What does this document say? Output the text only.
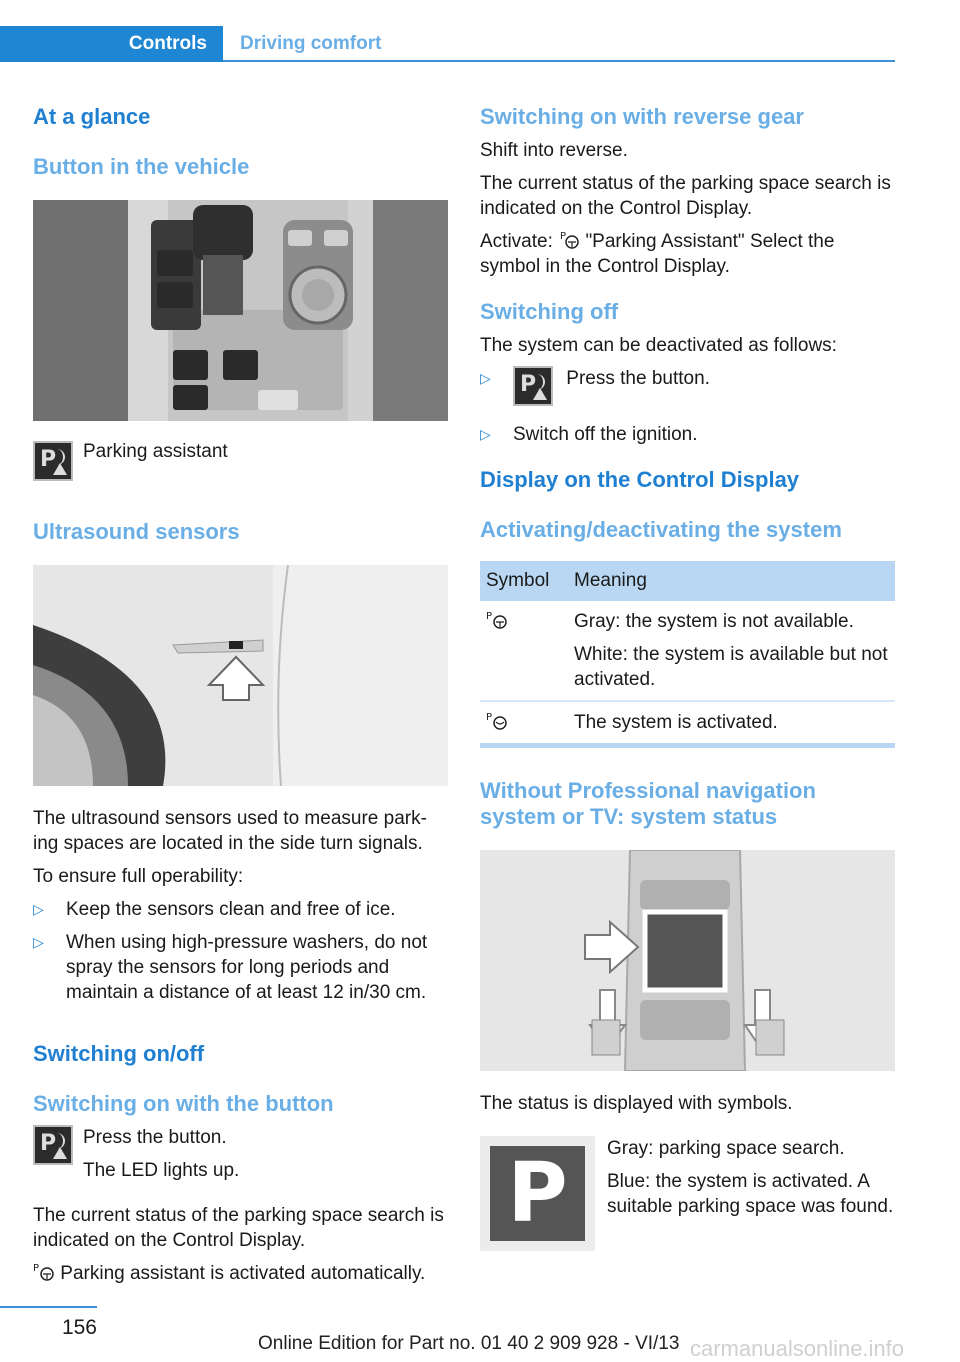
Controls	Driving comfort
At a glance
Button in the vehicle
P Parking assistant

Ultrasound sensors

The ultrasound sensors used to measure park-ing spaces are located in the side turn signals.

To ensure full operability:

▷ Keep the sensors clean and free of ice.
▷ When using high-pressure washers, do not spray the sensors for long periods and maintain a distance of at least 12 in/30 cm.
Switching on/off
Switching on with the button
P Press the button.

The LED lights up.

The current status of the parking space search is indicated on the Control Display.

P Parking assistant is activated automatically.

Switching on with reverse gear

Shift into reverse.

The current status of the parking space search is indicated on the Control Display.

Activate: P "Parking Assistant" Select the symbol in the Control Display.

Switching off

The system can be deactivated as follows:

▷ P Press the button.
▷ Switch off the ignition.
Display on the Control Display
Activating/deactivating the system
Symbol	Meaning

P	Gray: the system is not available.

White: the system is available but not activated.

P	The system is activated.
Without Professional navigation system or TV: system status

The status is displayed with symbols.

P	Gray: parking space search.

Blue: the system is activated. A suitable parking space was found.

156
Online Edition for Part no. 01 40 2 909 928 - VI/13 carmanualsonline.info
